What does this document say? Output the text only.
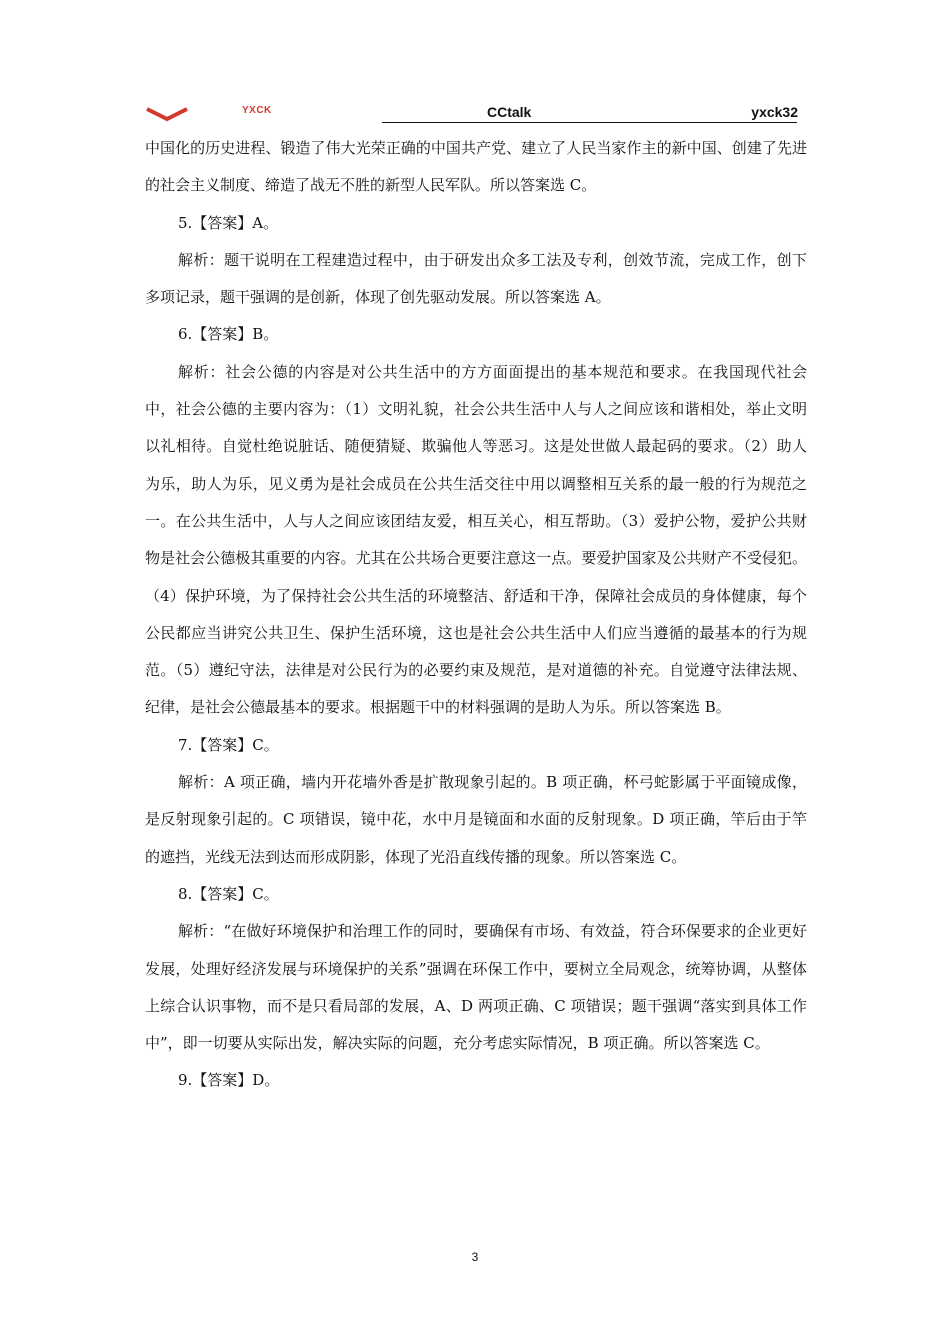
YXCK	CCtalk	yxck32

中国化的历史进程、锻造了伟大光荣正确的中国共产党、建立了人民当家作主的新中国、创建了先进的社会主义制度、缔造了战无不胜的新型人民军队。所以答案选 C。

5.【答案】A。

解析：题干说明在工程建造过程中，由于研发出众多工法及专利，创效节流，完成工作，创下多项记录，题干强调的是创新，体现了创先驱动发展。所以答案选 A。

6.【答案】B。

解析：社会公德的内容是对公共生活中的方方面面提出的基本规范和要求。在我国现代社会中，社会公德的主要内容为：（1）文明礼貌，社会公共生活中人与人之间应该和谐相处，举止文明以礼相待。自觉杜绝说脏话、随便猜疑、欺骗他人等恶习。这是处世做人最起码的要求。（2）助人为乐，助人为乐，见义勇为是社会成员在公共生活交往中用以调整相互关系的最一般的行为规范之一。在公共生活中，人与人之间应该团结友爱，相互关心，相互帮助。（3）爱护公物，爱护公共财物是社会公德极其重要的内容。尤其在公共场合更要注意这一点。要爱护国家及公共财产不受侵犯。（4）保护环境，为了保持社会公共生活的环境整洁、舒适和干净，保障社会成员的身体健康，每个公民都应当讲究公共卫生、保护生活环境，这也是社会公共生活中人们应当遵循的最基本的行为规范。（5）遵纪守法，法律是对公民行为的必要约束及规范，是对道德的补充。自觉遵守法律法规、纪律，是社会公德最基本的要求。根据题干中的材料强调的是助人为乐。所以答案选 B。

7.【答案】C。

解析：A 项正确，墙内开花墙外香是扩散现象引起的。B 项正确，杯弓蛇影属于平面镜成像，是反射现象引起的。C 项错误，镜中花，水中月是镜面和水面的反射现象。D 项正确，竿后由于竿的遮挡，光线无法到达而形成阴影，体现了光沿直线传播的现象。所以答案选 C。

8.【答案】C。

解析：“在做好环境保护和治理工作的同时，要确保有市场、有效益，符合环保要求的企业更好发展，处理好经济发展与环境保护的关系”强调在环保工作中，要树立全局观念，统筹协调，从整体上综合认识事物，而不是只看局部的发展，A、D 两项正确、C 项错误；题干强调“落实到具体工作中”，即一切要从实际出发，解决实际的问题，充分考虑实际情况，B 项正确。所以答案选 C。

9.【答案】D。

3
